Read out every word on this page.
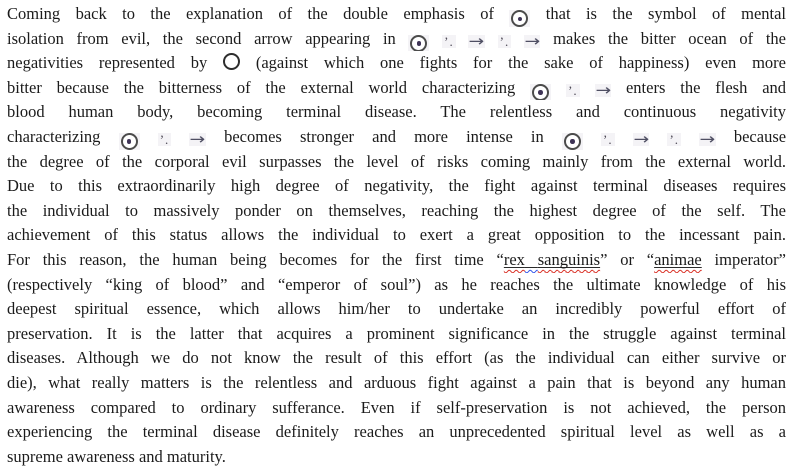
Coming back to the explanation of the double emphasis of
that is the symbol of mental
isolation from evil, the second arrow appearing in
	’.
→
’.
→ makes the bitter ocean of the
negativities represented by  (against which one fights for the sake of happiness) even more
bitter because the bitterness of the external world characterizing
	’.
→ enters the flesh and
blood human body, becoming terminal disease. The relentless and continuous negativity
characterizing
	’.
→ becomes stronger and more intense in
	’.
→
’.
→ because
the degree of the corporal evil surpasses the level of risks coming mainly from the external world.
Due to this extraordinarily high degree of negativity, the fight against terminal diseases requires
the individual to massively ponder on themselves, reaching the highest degree of the self. The
achievement of this status allows the individual to exert a great opposition to the incessant pain.
For this reason, the human being becomes for the first time “rex sanguinis” or “animae imperator”
(respectively “king of blood” and “emperor of soul”) as he reaches the ultimate knowledge of his
deepest spiritual essence, which allows him/her to undertake an incredibly powerful effort of
preservation. It is the latter that acquires a prominent significance in the struggle against terminal
diseases. Although we do not know the result of this effort (as the individual can either survive or
die), what really matters is the relentless and arduous fight against a pain that is beyond any human
awareness compared to ordinary sufferance. Even if self-preservation is not achieved, the person
experiencing the terminal disease definitely reaches an unprecedented spiritual level as well as a
supreme awareness and maturity.
